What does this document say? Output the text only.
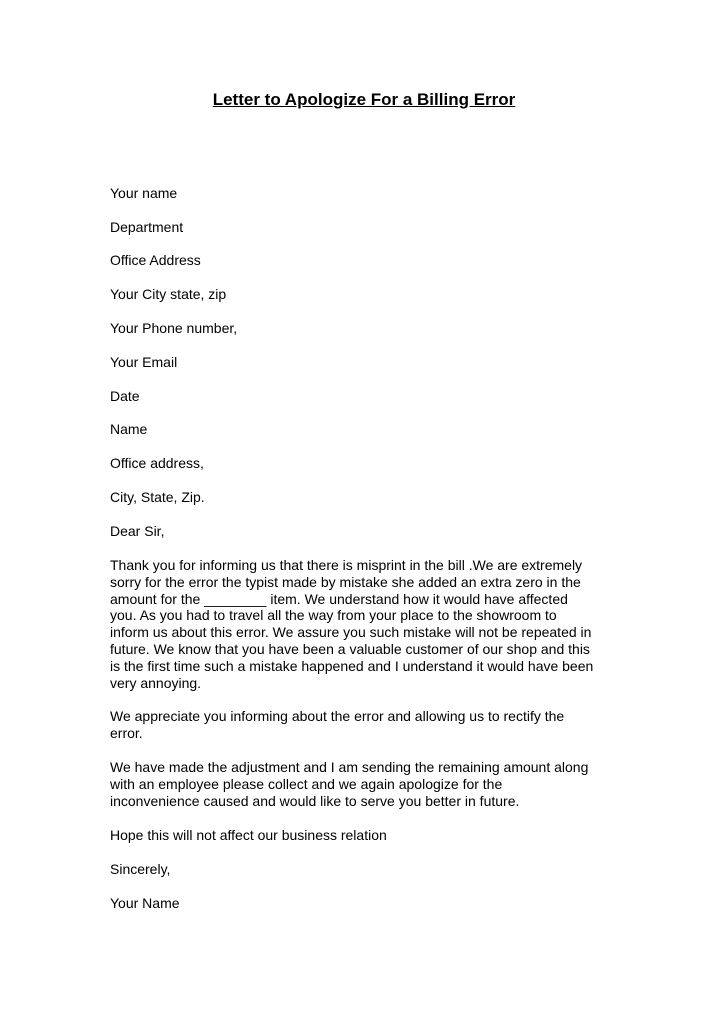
Letter to Apologize For a Billing Error
Your name
Department
Office Address
Your City state, zip
Your Phone number,
Your Email
Date
Name
Office address,
City, State, Zip.
Dear Sir,

Thank you for informing us that there is misprint in the bill .We are extremely

sorry for the error the typist made by mistake she added an extra zero in the

amount for the ________ item. We understand how it would have affected

you. As you had to travel all the way from your place to the showroom to

inform us about this error. We assure you such mistake will not be repeated in

future. We know that you have been a valuable customer of our shop and this

is the first time such a mistake happened and I understand it would have been

very annoying.

We appreciate you informing about the error and allowing us to rectify the

error.

We have made the adjustment and I am sending the remaining amount along

with an employee please collect and we again apologize for the

inconvenience caused and would like to serve you better in future.

Hope this will not affect our business relation

Sincerely,
Your Name
